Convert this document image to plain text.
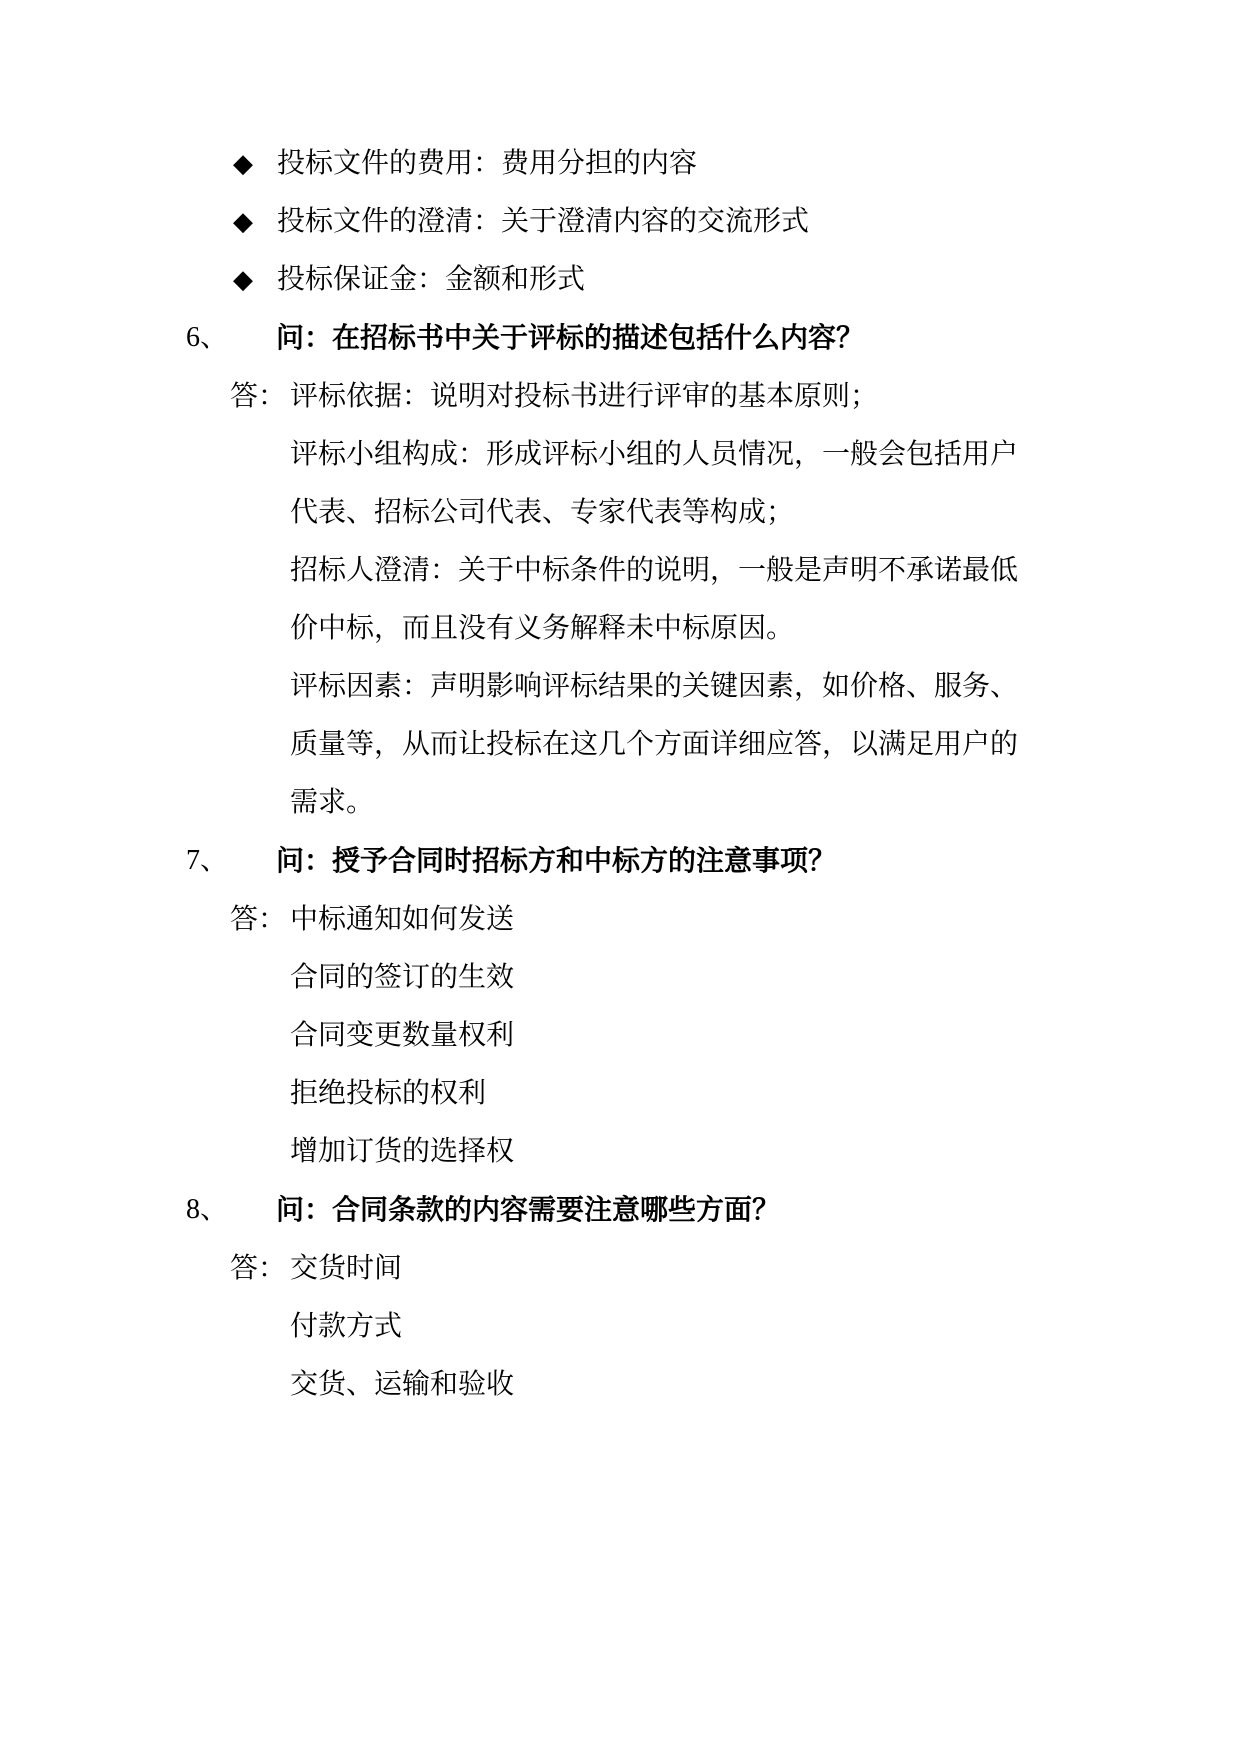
◆ 投标文件的费用：费用分担的内容
◆ 投标文件的澄清：关于澄清内容的交流形式
◆ 投标保证金：金额和形式
6、 问：在招标书中关于评标的描述包括什么内容？
答： 评标依据：说明对投标书进行评审的基本原则；
评标小组构成：形成评标小组的人员情况，一般会包括用户
代表、招标公司代表、专家代表等构成；
招标人澄清：关于中标条件的说明，一般是声明不承诺最低
价中标，而且没有义务解释未中标原因。
评标因素：声明影响评标结果的关键因素，如价格、服务、
质量等，从而让投标在这几个方面详细应答，以满足用户的
需求。
7、 问：授予合同时招标方和中标方的注意事项？
答： 中标通知如何发送
合同的签订的生效
合同变更数量权利
拒绝投标的权利
增加订货的选择权
8、 问：合同条款的内容需要注意哪些方面？
答： 交货时间
付款方式
交货、运输和验收
